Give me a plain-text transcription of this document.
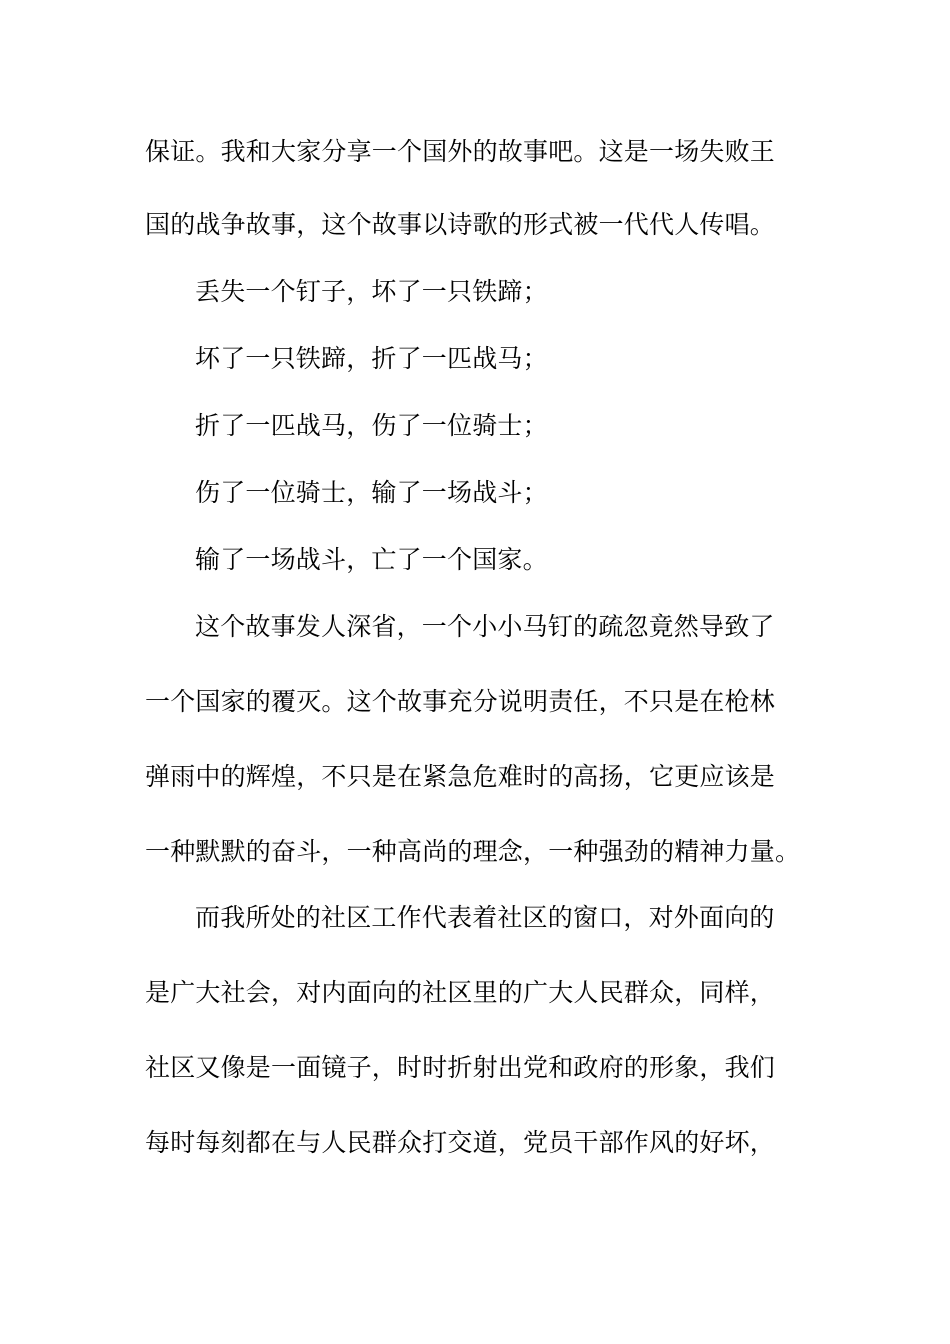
保证。我和大家分享一个国外的故事吧。这是一场失败王
国的战争故事，这个故事以诗歌的形式被一代代人传唱。
丢失一个钉子，坏了一只铁蹄；
坏了一只铁蹄，折了一匹战马；
折了一匹战马，伤了一位骑士；
伤了一位骑士，输了一场战斗；
输了一场战斗，亡了一个国家。
这个故事发人深省，一个小小马钉的疏忽竟然导致了
一个国家的覆灭。这个故事充分说明责任，不只是在枪林
弹雨中的辉煌，不只是在紧急危难时的高扬，它更应该是
一种默默的奋斗，一种高尚的理念，一种强劲的精神力量。
而我所处的社区工作代表着社区的窗口，对外面向的
是广大社会，对内面向的社区里的广大人民群众，同样，
社区又像是一面镜子，时时折射出党和政府的形象，我们
每时每刻都在与人民群众打交道，党员干部作风的好坏，
